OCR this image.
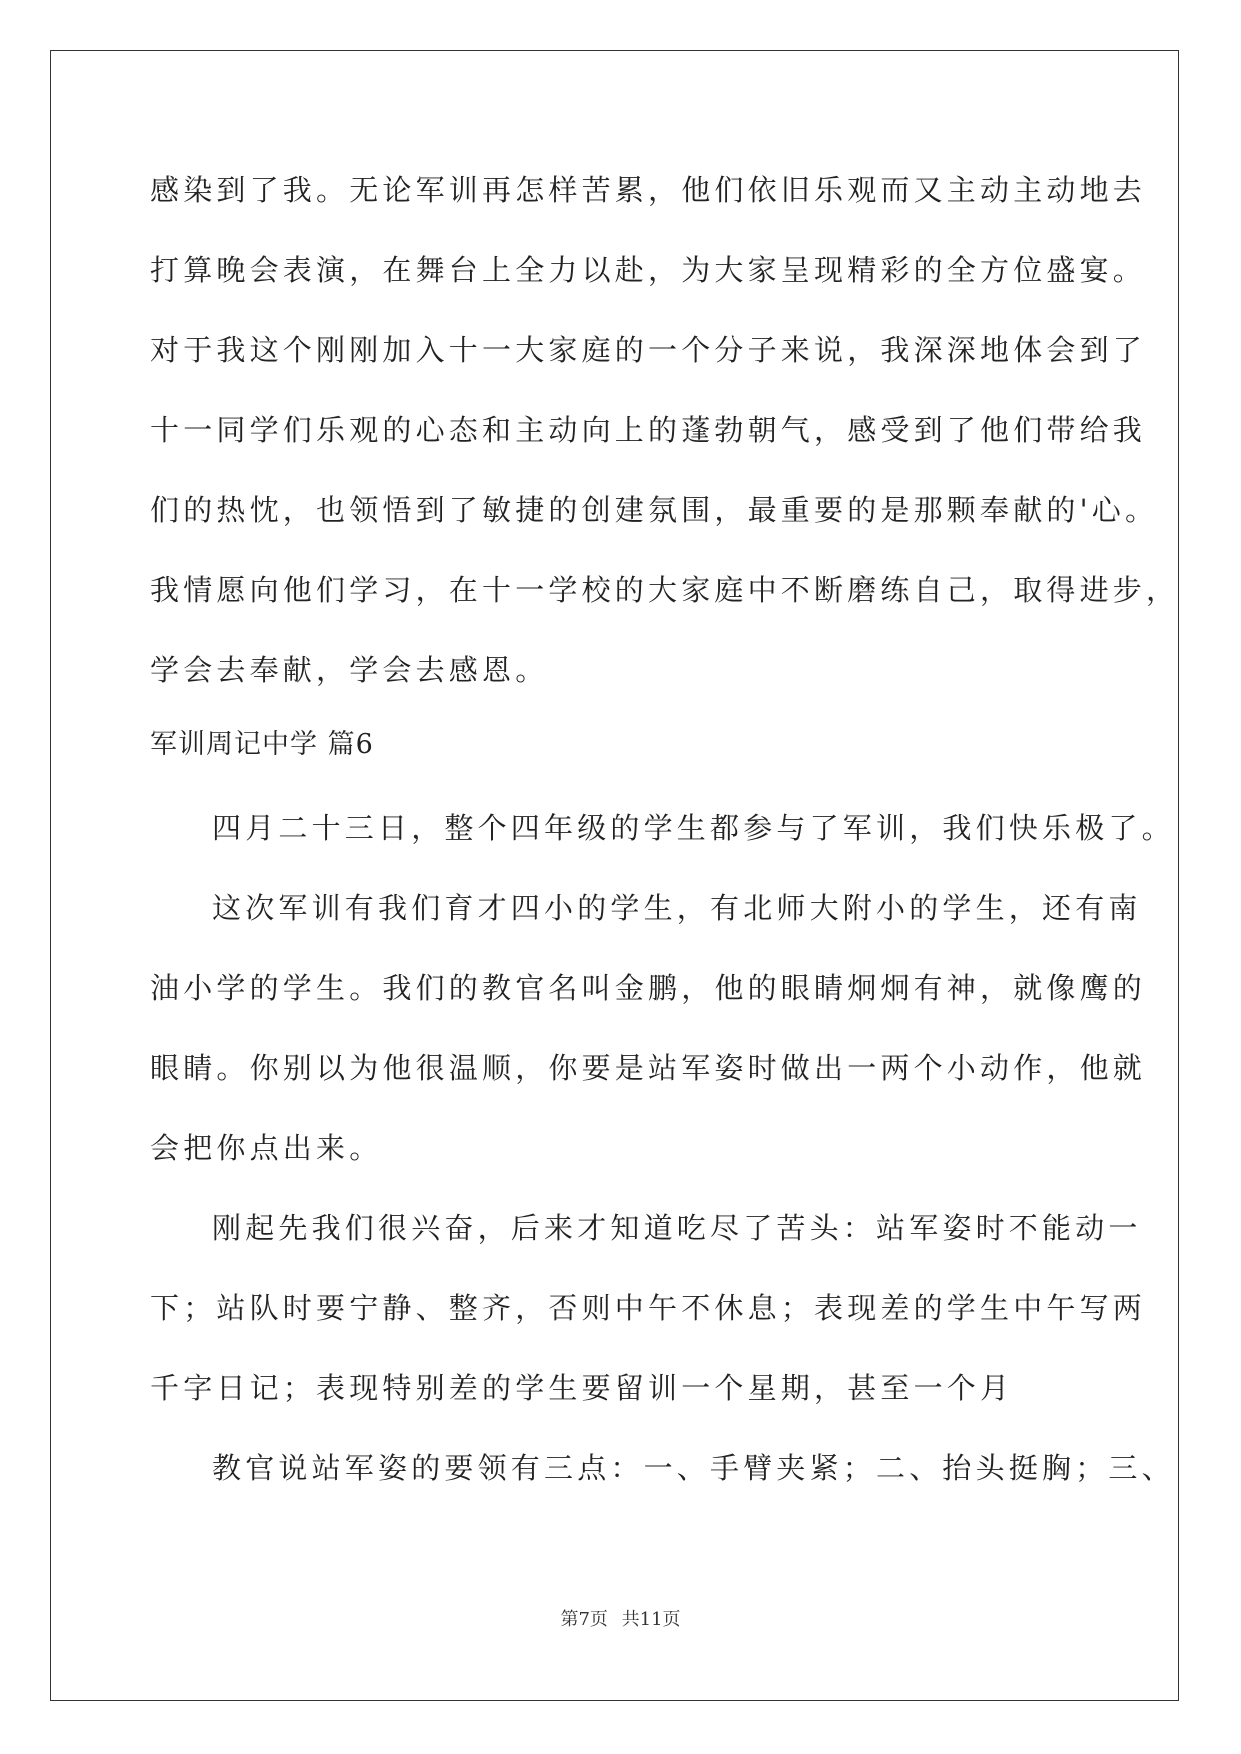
感染到了我。无论军训再怎样苦累，他们依旧乐观而又主动主动地去
打算晚会表演，在舞台上全力以赴，为大家呈现精彩的全方位盛宴。
对于我这个刚刚加入十一大家庭的一个分子来说，我深深地体会到了
十一同学们乐观的心态和主动向上的蓬勃朝气，感受到了他们带给我
们的热忱，也领悟到了敏捷的创建氛围，最重要的是那颗奉献的'心。
我情愿向他们学习，在十一学校的大家庭中不断磨练自己，取得进步，
学会去奉献，学会去感恩。
军训周记中学 篇6
四月二十三日，整个四年级的学生都参与了军训，我们快乐极了。
这次军训有我们育才四小的学生，有北师大附小的学生，还有南
油小学的学生。我们的教官名叫金鹏，他的眼睛炯炯有神，就像鹰的
眼睛。你别以为他很温顺，你要是站军姿时做出一两个小动作，他就
会把你点出来。
刚起先我们很兴奋，后来才知道吃尽了苦头：站军姿时不能动一
下；站队时要宁静、整齐，否则中午不休息；表现差的学生中午写两
千字日记；表现特别差的学生要留训一个星期，甚至一个月
教官说站军姿的要领有三点：一、手臂夹紧；二、抬头挺胸；三、
第7页 共11页
